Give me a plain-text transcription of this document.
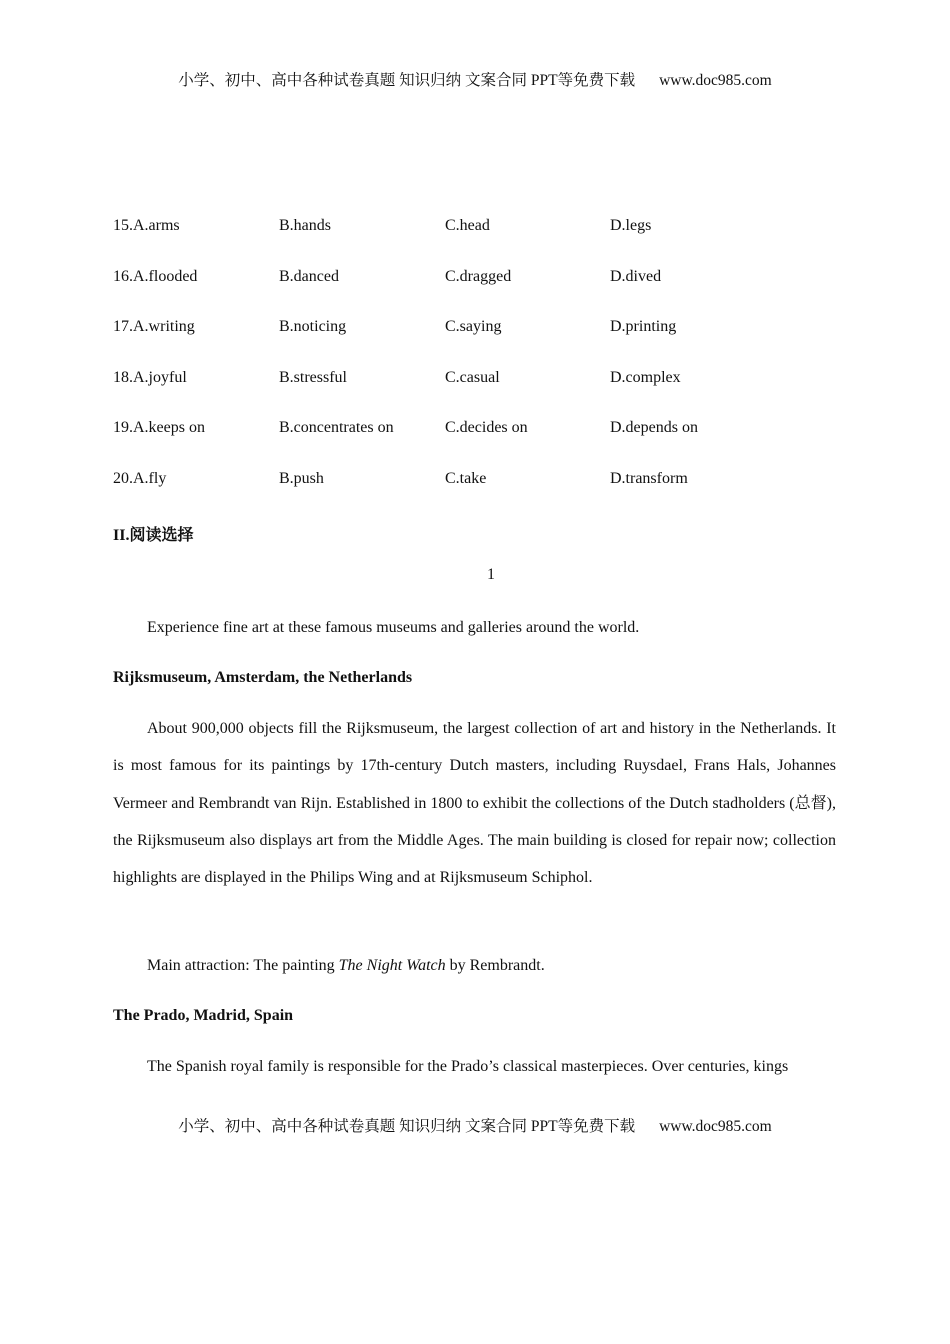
小学、初中、高中各种试卷真题 知识归纳 文案合同 PPT等免费下载 www.doc985.com
15.A.arms	B.hands	C.head	D.legs
16.A.flooded	B.danced	C.dragged	D.dived
17.A.writing	B.noticing	C.saying	D.printing
18.A.joyful	B.stressful	C.casual	D.complex
19.A.keeps on	B.concentrates on	C.decides on	D.depends on
20.A.fly	B.push	C.take	D.transform
II.阅读选择
1

Experience fine art at these famous museums and galleries around the world.

Rijksmuseum, Amsterdam, the Netherlands

About 900,000 objects fill the Rijksmuseum, the largest collection of art and history in the Netherlands. It is most famous for its paintings by 17th-century Dutch masters, including Ruysdael, Frans Hals, Johannes Vermeer and Rembrandt van Rijn. Established in 1800 to exhibit the collections of the Dutch stadholders (总督), the Rijksmuseum also displays art from the Middle Ages. The main building is closed for repair now; collection highlights are displayed in the Philips Wing and at Rijksmuseum Schiphol.

Main attraction: The painting The Night Watch by Rembrandt.

The Prado, Madrid, Spain

The Spanish royal family is responsible for the Prado’s classical masterpieces. Over centuries, kings

小学、初中、高中各种试卷真题 知识归纳 文案合同 PPT等免费下载 www.doc985.com
